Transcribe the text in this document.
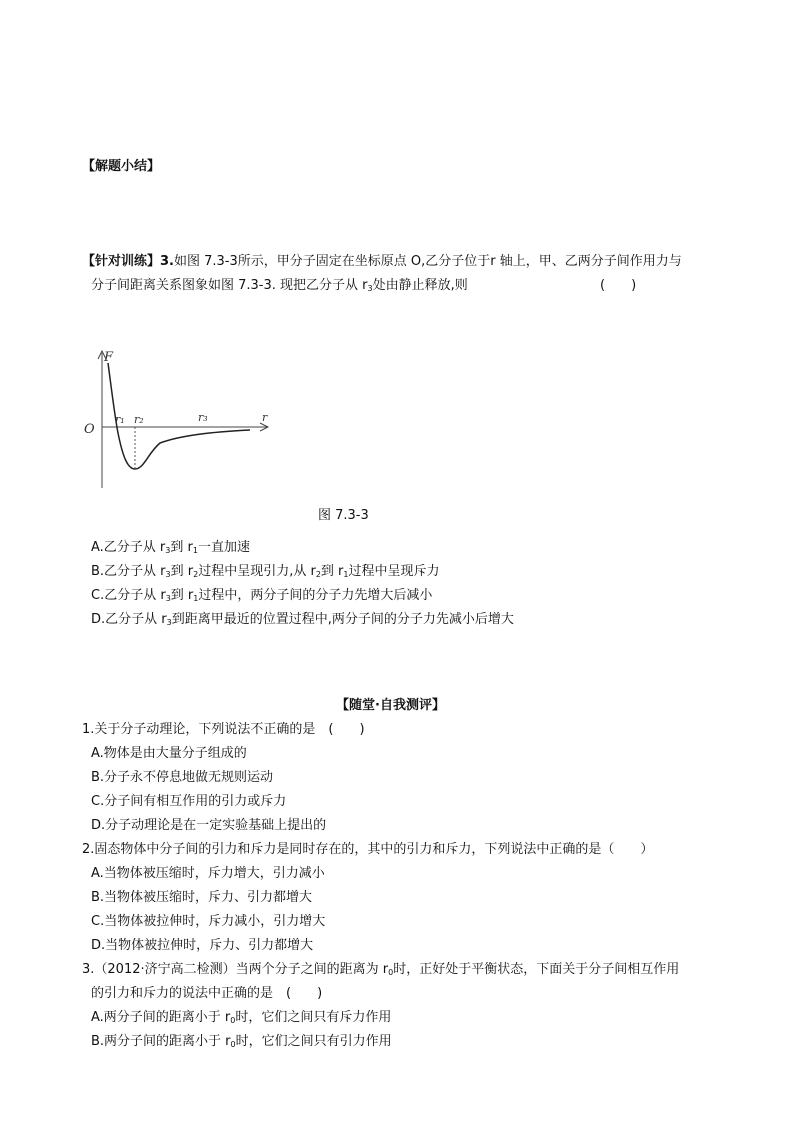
【解题小结】
【针对训练】3.如图 7.3-3所示，甲分子固定在坐标原点 O,乙分子位于r 轴上，甲、乙两分子间作用力与
分子间距离关系图象如图 7.3-3. 现把乙分子从 $r_3$处由静止释放,则	(　　)
F
O
r₁ r₂	r₃	r
图 7.3-3
A.乙分子从 $r_3$到 $r_1$一直加速
B.乙分子从 $r_3$到 $r_2$过程中呈现引力,从 $r_2$到 $r_1$过程中呈现斥力
C.乙分子从 $r_3$到 $r_1$过程中，两分子间的分子力先增大后减小
D.乙分子从 $r_3$到距离甲最近的位置过程中,两分子间的分子力先减小后增大
【随堂·自我测评】
1.关于分子动理论，下列说法不正确的是　(　　)
A.物体是由大量分子组成的
B.分子永不停息地做无规则运动
C.分子间有相互作用的引力或斥力
D.分子动理论是在一定实验基础上提出的
2.固态物体中分子间的引力和斥力是同时存在的，其中的引力和斥力，下列说法中正确的是（　　）
A.当物体被压缩时，斥力增大，引力减小
B.当物体被压缩时，斥力、引力都增大
C.当物体被拉伸时，斥力减小，引力增大
D.当物体被拉伸时，斥力、引力都增大
3.（2012·济宁高二检测）当两个分子之间的距离为 $r_0$时，正好处于平衡状态，下面关于分子间相互作用
的引力和斥力的说法中正确的是　(　　)
A.两分子间的距离小于 $r_0$时，它们之间只有斥力作用
B.两分子间的距离小于 $r_0$时，它们之间只有引力作用
